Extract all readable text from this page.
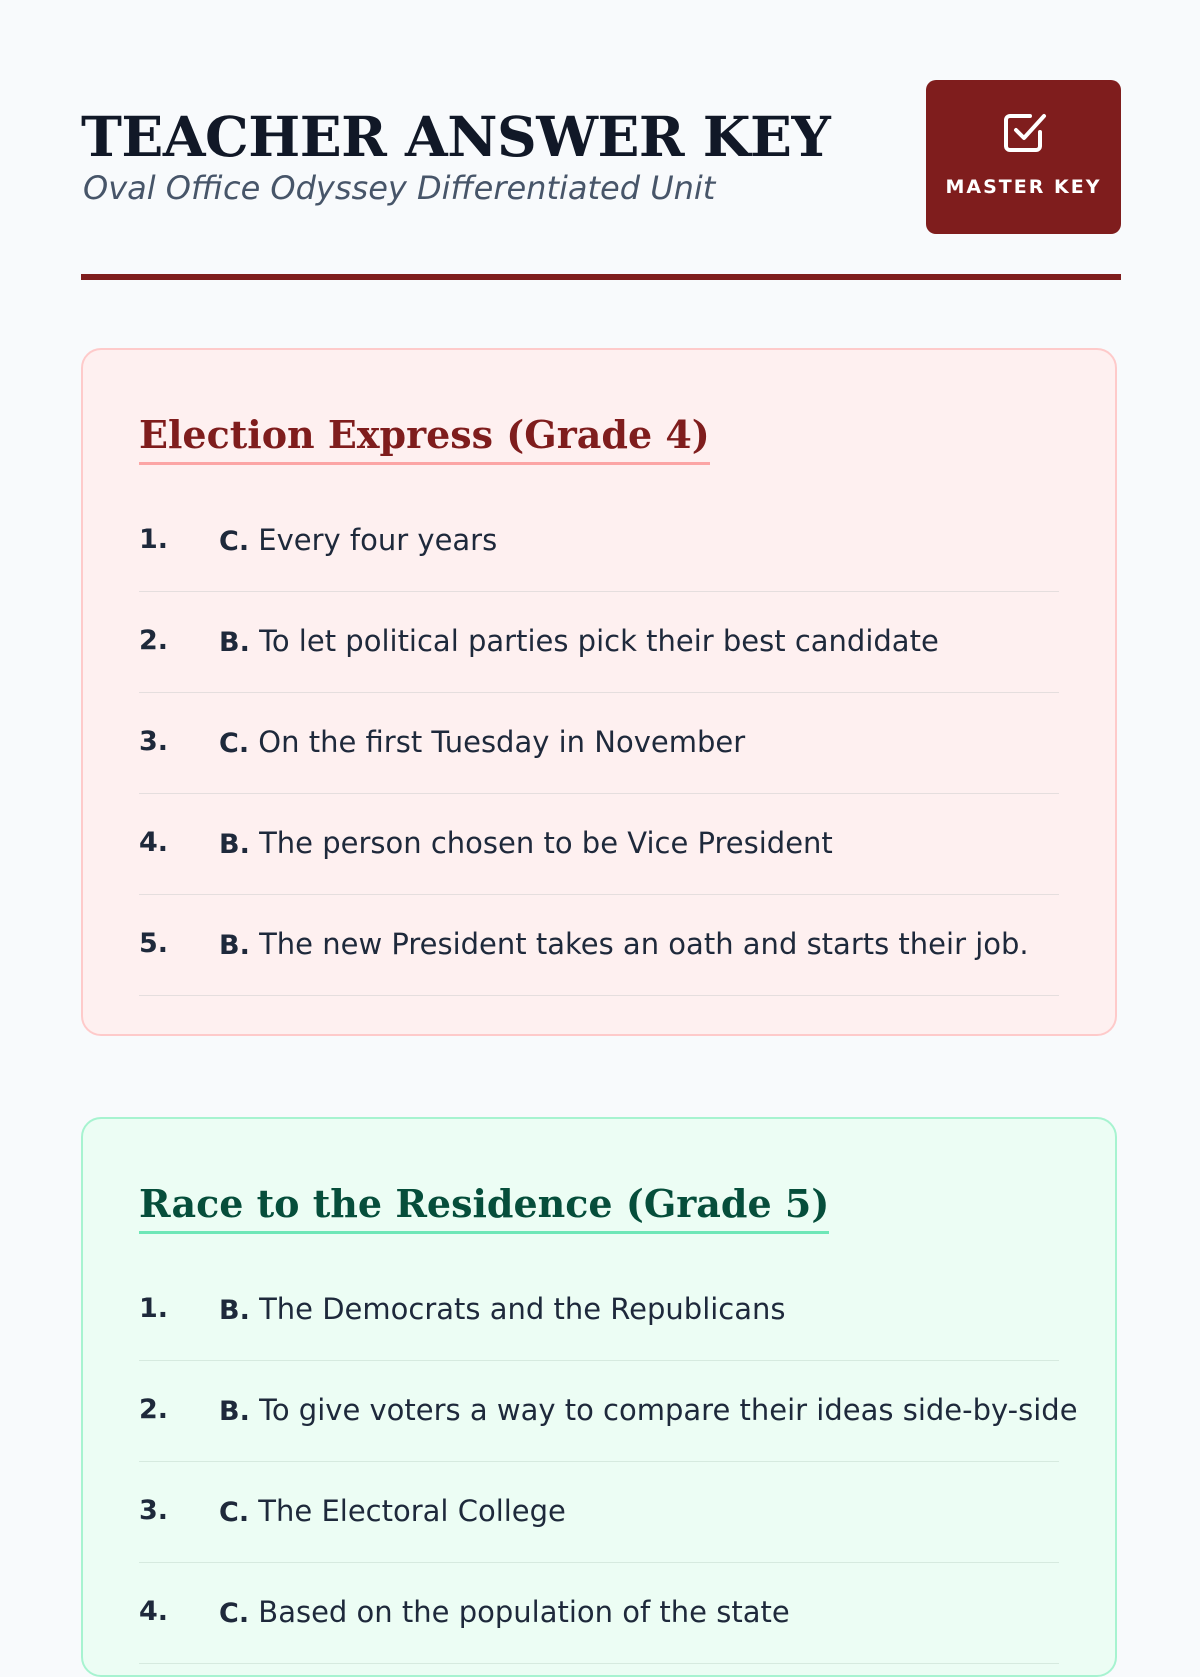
TEACHER ANSWER KEY
Oval Office Odyssey Differentiated Unit	MASTER KEY
Election Express (Grade 4)
1. C. Every four years
2. B. To let political parties pick their best candidate
3. C. On the first Tuesday in November
4. B. The person chosen to be Vice President
5. B. The new President takes an oath and starts their job.
Race to the Residence (Grade 5)
1. B. The Democrats and the Republicans
2. B. To give voters a way to compare their ideas side-by-side
3. C. The Electoral College
4. C. Based on the population of the state
